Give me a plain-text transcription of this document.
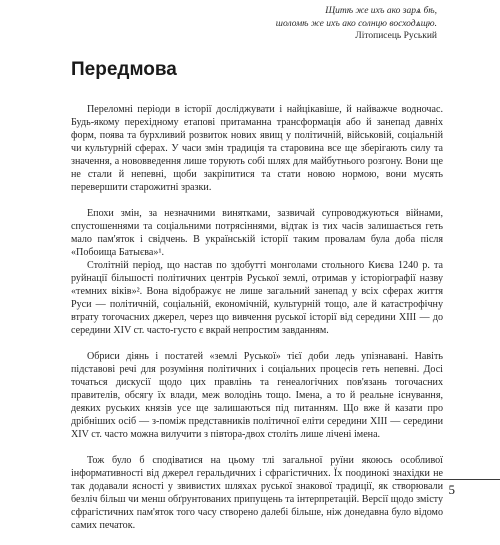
Щитѣ же ихъ ако зарѧ бѣ,
шоломѣ же ихъ ако солнцю восходѧщю.
Літописець Руський
Передмова

Переломні періоди в історії досліджувати і найцікавіше, й найважче водночас. Будь-якому перехідному етапові притаманна трансформація або й занепад давніх форм, поява та бурхливий розвиток нових явищ у політичній, військовій, соціальній чи культурній сферах. У часи змін традиція та старовина все ще зберігають силу та значення, а нововведення лише торують собі шлях для майбутнього розгону. Вони ще не стали й непевні, щоби закріпитися та стати новою нормою, вони мусять перевершити старожитні зразки.

Епохи змін, за незначними винятками, зазвичай супроводжуються війнами, спустошеннями та соціальними потрясіннями, відтак із тих часів залишається геть мало пам'яток і свідчень. В українській історії таким провалам була доба після «Побоища Батыєва»¹.

Столітній період, що настав по здобутті монголами стольного Києва 1240 р. та руйнації більшості політичних центрів Руської землі, отримав у історіографії назву «темних віків»². Вона відображує не лише загальний занепад у всіх сферах життя Руси — політичній, соціальній, економічній, культурній тощо, але й катастрофічну втрату тогочасних джерел, через що вивчення руської історії від середини XIII — до середини XIV ст. часто-густо є вкрай непростим завданням.

Обриси діянь і постатей «землі Руської» тієї доби ледь упізнавані. Навіть підставові речі для розуміння політичних і соціальних процесів геть непевні. Досі точаться дискусії щодо цих правлінь та генеалогічних пов'язань тогочасних правителів, обсягу їх влади, меж володінь тощо. Імена, а то й реальне існування, деяких руських князів усе ще залишаються під питанням. Що вже й казати про дрібніших осіб — з-поміж представників політичної еліти середини XIII — середини XIV ст. часто можна вилучити з півтора-двох століть лише лічені імена.

Тож було б сподіватися на цьому тлі загальної руїни якоюсь особливої інформативності від джерел геральдичних і сфрагістичних. Їх поодинокі знахідки не так додавали ясності у звивистих шляхах руської знакової традиції, як створювали безліч більш чи менш обґрунтованих припущень та інтерпретацій. Версії щодо змісту сфрагістичних пам'яток того часу створено далебі більше, ніж донедавна було відомо самих печаток.

5
